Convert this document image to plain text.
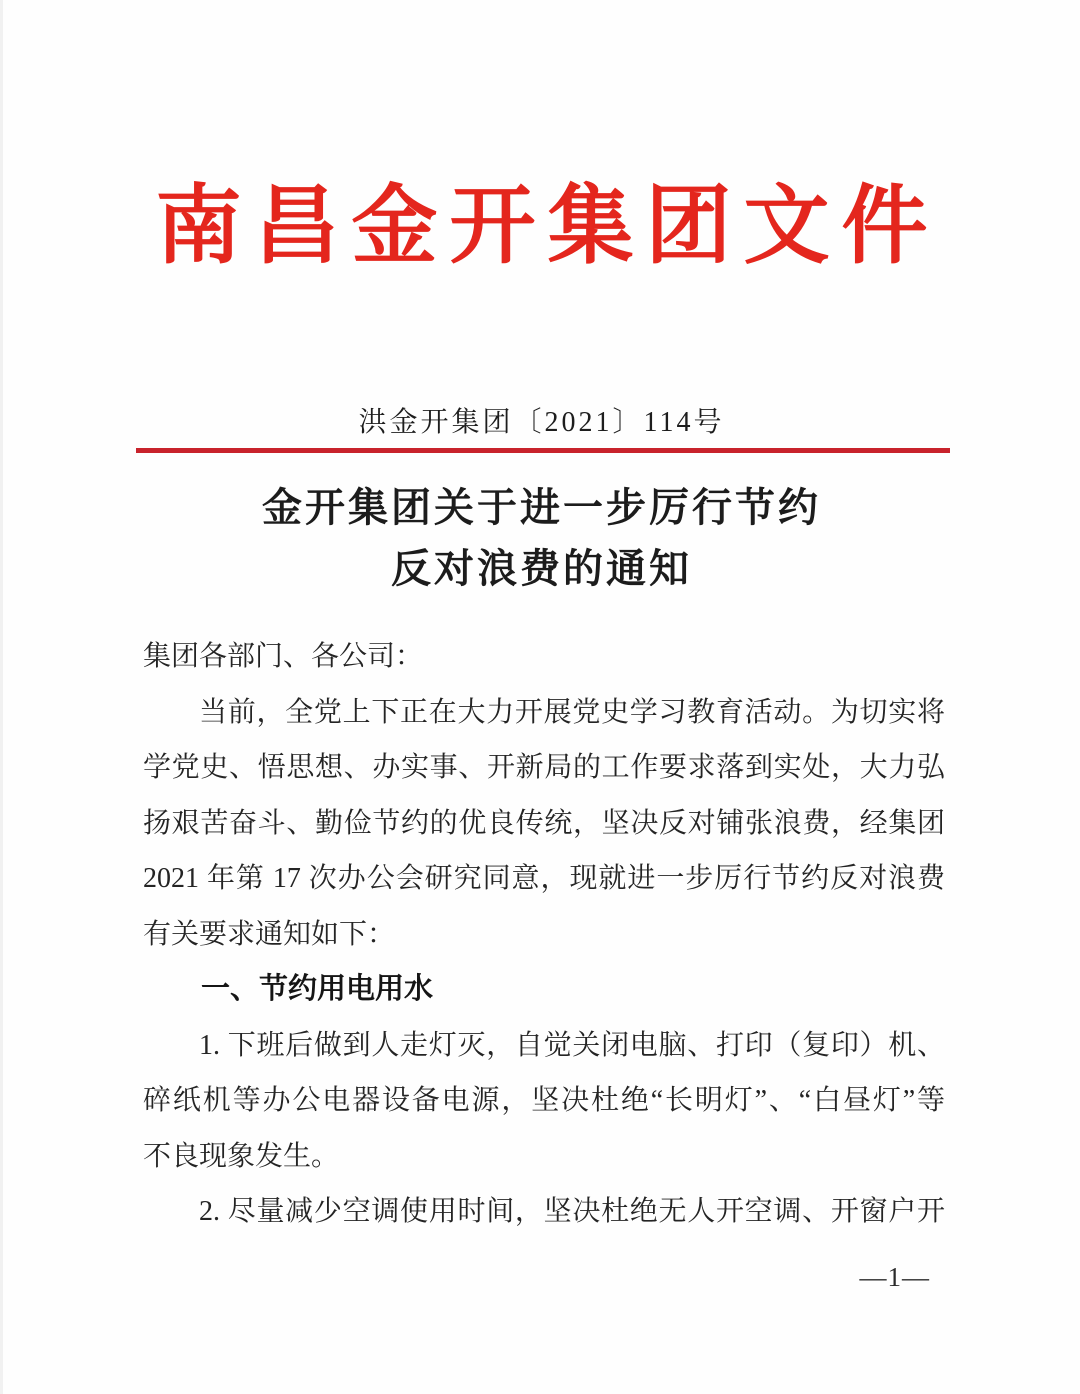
南昌金开集团文件
洪金开集团〔2021〕114号
金开集团关于进一步厉行节约
反对浪费的通知
集团各部门、各公司：
当前，全党上下正在大力开展党史学习教育活动。为切实将
学党史、悟思想、办实事、开新局的工作要求落到实处，大力弘
扬艰苦奋斗、勤俭节约的优良传统，坚决反对铺张浪费，经集团
2021 年第 17 次办公会研究同意，现就进一步厉行节约反对浪费
有关要求通知如下：
一、节约用电用水
1. 下班后做到人走灯灭，自觉关闭电脑、打印（复印）机、
碎纸机等办公电器设备电源，坚决杜绝“长明灯”、“白昼灯”等
不良现象发生。
2. 尽量减少空调使用时间，坚决杜绝无人开空调、开窗户开
—1—
